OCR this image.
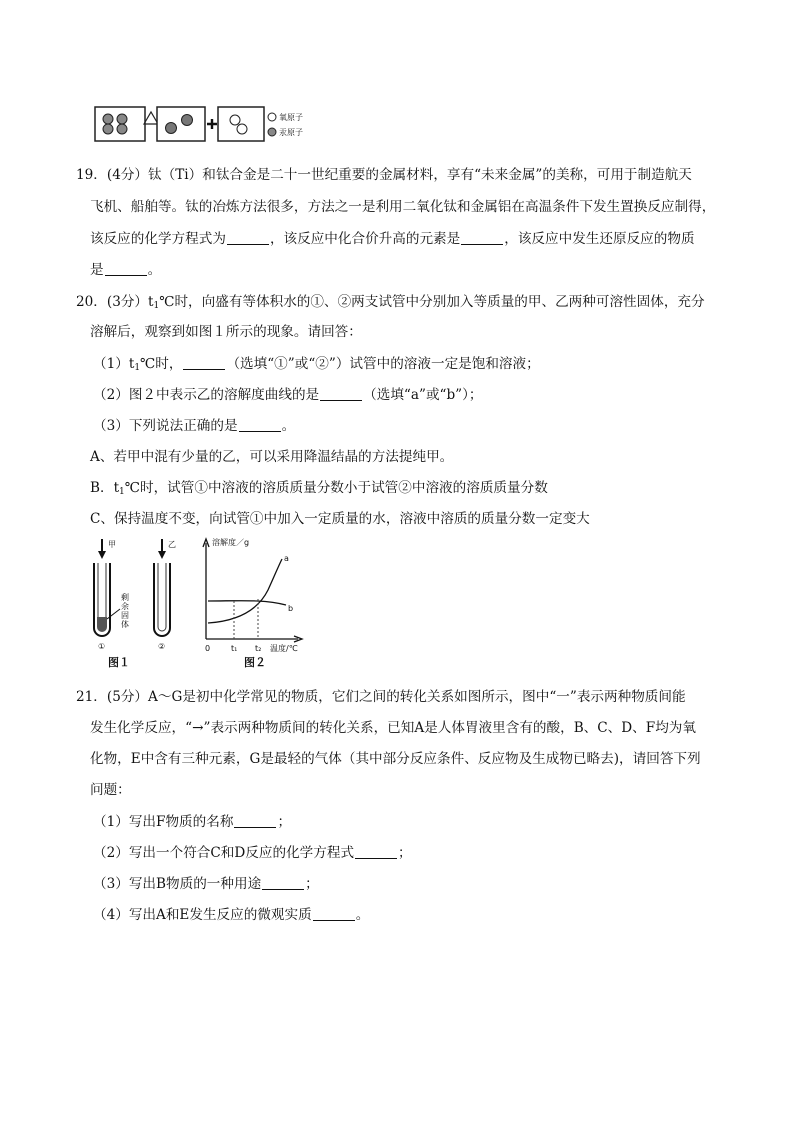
氧原子
汞原子
19．(4分）钛（Ti）和钛合金是二十一世纪重要的金属材料，享有“未来金属”的美称，可用于制造航天
飞机、船舶等。钛的冶炼方法很多，方法之一是利用二氧化钛和金属铝在高温条件下发生置换反应制得，
该反应的化学方程式为	，该反应中化合价升高的元素是	，该反应中发生还原反应的物质
是	。
20．(3分）$t_1℃$时，向盛有等体积水的①、②两支试管中分别加入等质量的甲、乙两种可溶性固体，充分
溶解后，观察到如图１所示的现象。请回答：
$(1)t_1℃$时，	（选填“①”或“②”）试管中的溶液一定是饱和溶液；
（2）图２中表示乙的溶解度曲线的是	（选填“a”或“b”）；
（3）下列说法正确的是	。
A、若甲中混有少量的乙，可以采用降温结晶的方法提纯甲。
B．$t_1℃$时，试管①中溶液的溶质质量分数小于试管②中溶液的溶质质量分数
C、保持温度不变，向试管①中加入一定质量的水，溶液中溶质的质量分数一定变大
甲
剩
余
固
体
①
乙
②
图１
溶解度／g
a
b
0	t₁ t₂ 温度/℃
图２
21．(5分）A～G是初中化学常见的物质，它们之间的转化关系如图所示，图中“一”表示两种物质间能
发生化学反应，“→”表示两种物质间的转化关系，已知A是人体胃液里含有的酸，B、C、D、F均为氧
化物，E中含有三种元素，G是最轻的气体（其中部分反应条件、反应物及生成物已略去)，请回答下列
问题：
（1）写出F物质的名称	；
（2）写出一个符合C和D反应的化学方程式	；
（3）写出B物质的一种用途	；
（4）写出A和E发生反应的微观实质	。
